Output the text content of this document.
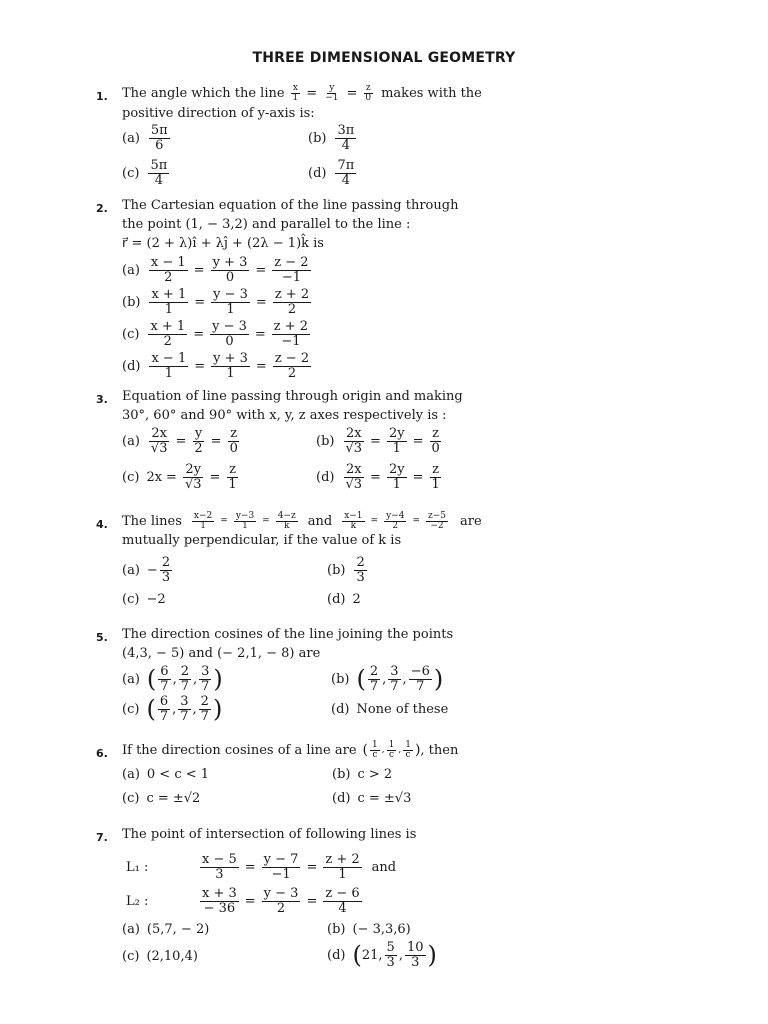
THREE DIMENSIONAL GEOMETRY
1. The angle which the line $\frac{x}{1} = \frac{y}{-1} = \frac{z}{0}$ makes with the
positive direction of y-axis is:
(a)
5π
6	(b)
3π
4
(c)
5π
4	(d)
7π
4
2. The Cartesian equation of the line passing through
the point (1, − 3,2) and parallel to the line :
r⃗ = (2 + λ)î + λĵ + (2λ − 1)k̂ is
$(a) \frac{x - 1}{2} = \frac{y + 3}{0} = \frac{z - 2}{-1}$
$(b) \frac{x + 1}{1} = \frac{y - 3}{1} = \frac{z + 2}{2}$
$(c) \frac{x + 1}{2} = \frac{y - 3}{0} = \frac{z + 2}{-1}$
$(d) \frac{x - 1}{1} = \frac{y + 3}{1} = \frac{z - 2}{2}$
3. Equation of line passing through origin and making
30°, 60° and 90° with x, y, z axes respectively is :
$(a) \frac{2x}{√3} = \frac{y}{2} = \frac{z}{0}$	$(b) \frac{2x}{√3} = \frac{2y}{1} = \frac{z}{0}$
(c) $2x = \frac{2y}{√3} = \frac{z}{1}$	$(d) \frac{2x}{√3} = \frac{2y}{1} = \frac{z}{1}$
4. The lines $\frac{x-2}{1} = \frac{y-3}{1} = \frac{4-z}{k}$ and $\frac{x-1}{k} = \frac{y-4}{2} = \frac{z-5}{-2}$ are
mutually perpendicular, if the value of k is
$(a) - \frac{2}{3}$	(b)
2
3
(c) −2	(d) 2
5. The direction cosines of the line joining the points
(4,3, − 5) and (− 2,1, − 8) are
(a) ( 6
7 ,
2
7 ,
3
7 )	(b) ( 2
7 ,
3
7 ,
−6
7 )
(c) ( 6
7 ,
3
7 ,
2
7 )	(d) None of these
6. If the direction cosines of a line are ( 1
c , 1
c , 1
c ) , then
(a) 0 < c < 1	(b) c > 2
(c) c = ±√2	(d) c = ±√3
7. The point of intersection of following lines is
L₁ :	$\frac{x - 5}{3} = \frac{y - 7}{-1} = \frac{z + 2}{1}$ and
L₂ :	$\frac{x + 3}{- 36} = \frac{y - 3}{2} = \frac{z - 6}{4}$
(a) (5,7, − 2)	(b) (− 3,3,6)
(c) (2,10,4)	(d) ( 21,
5
3 ,
10
3 )
